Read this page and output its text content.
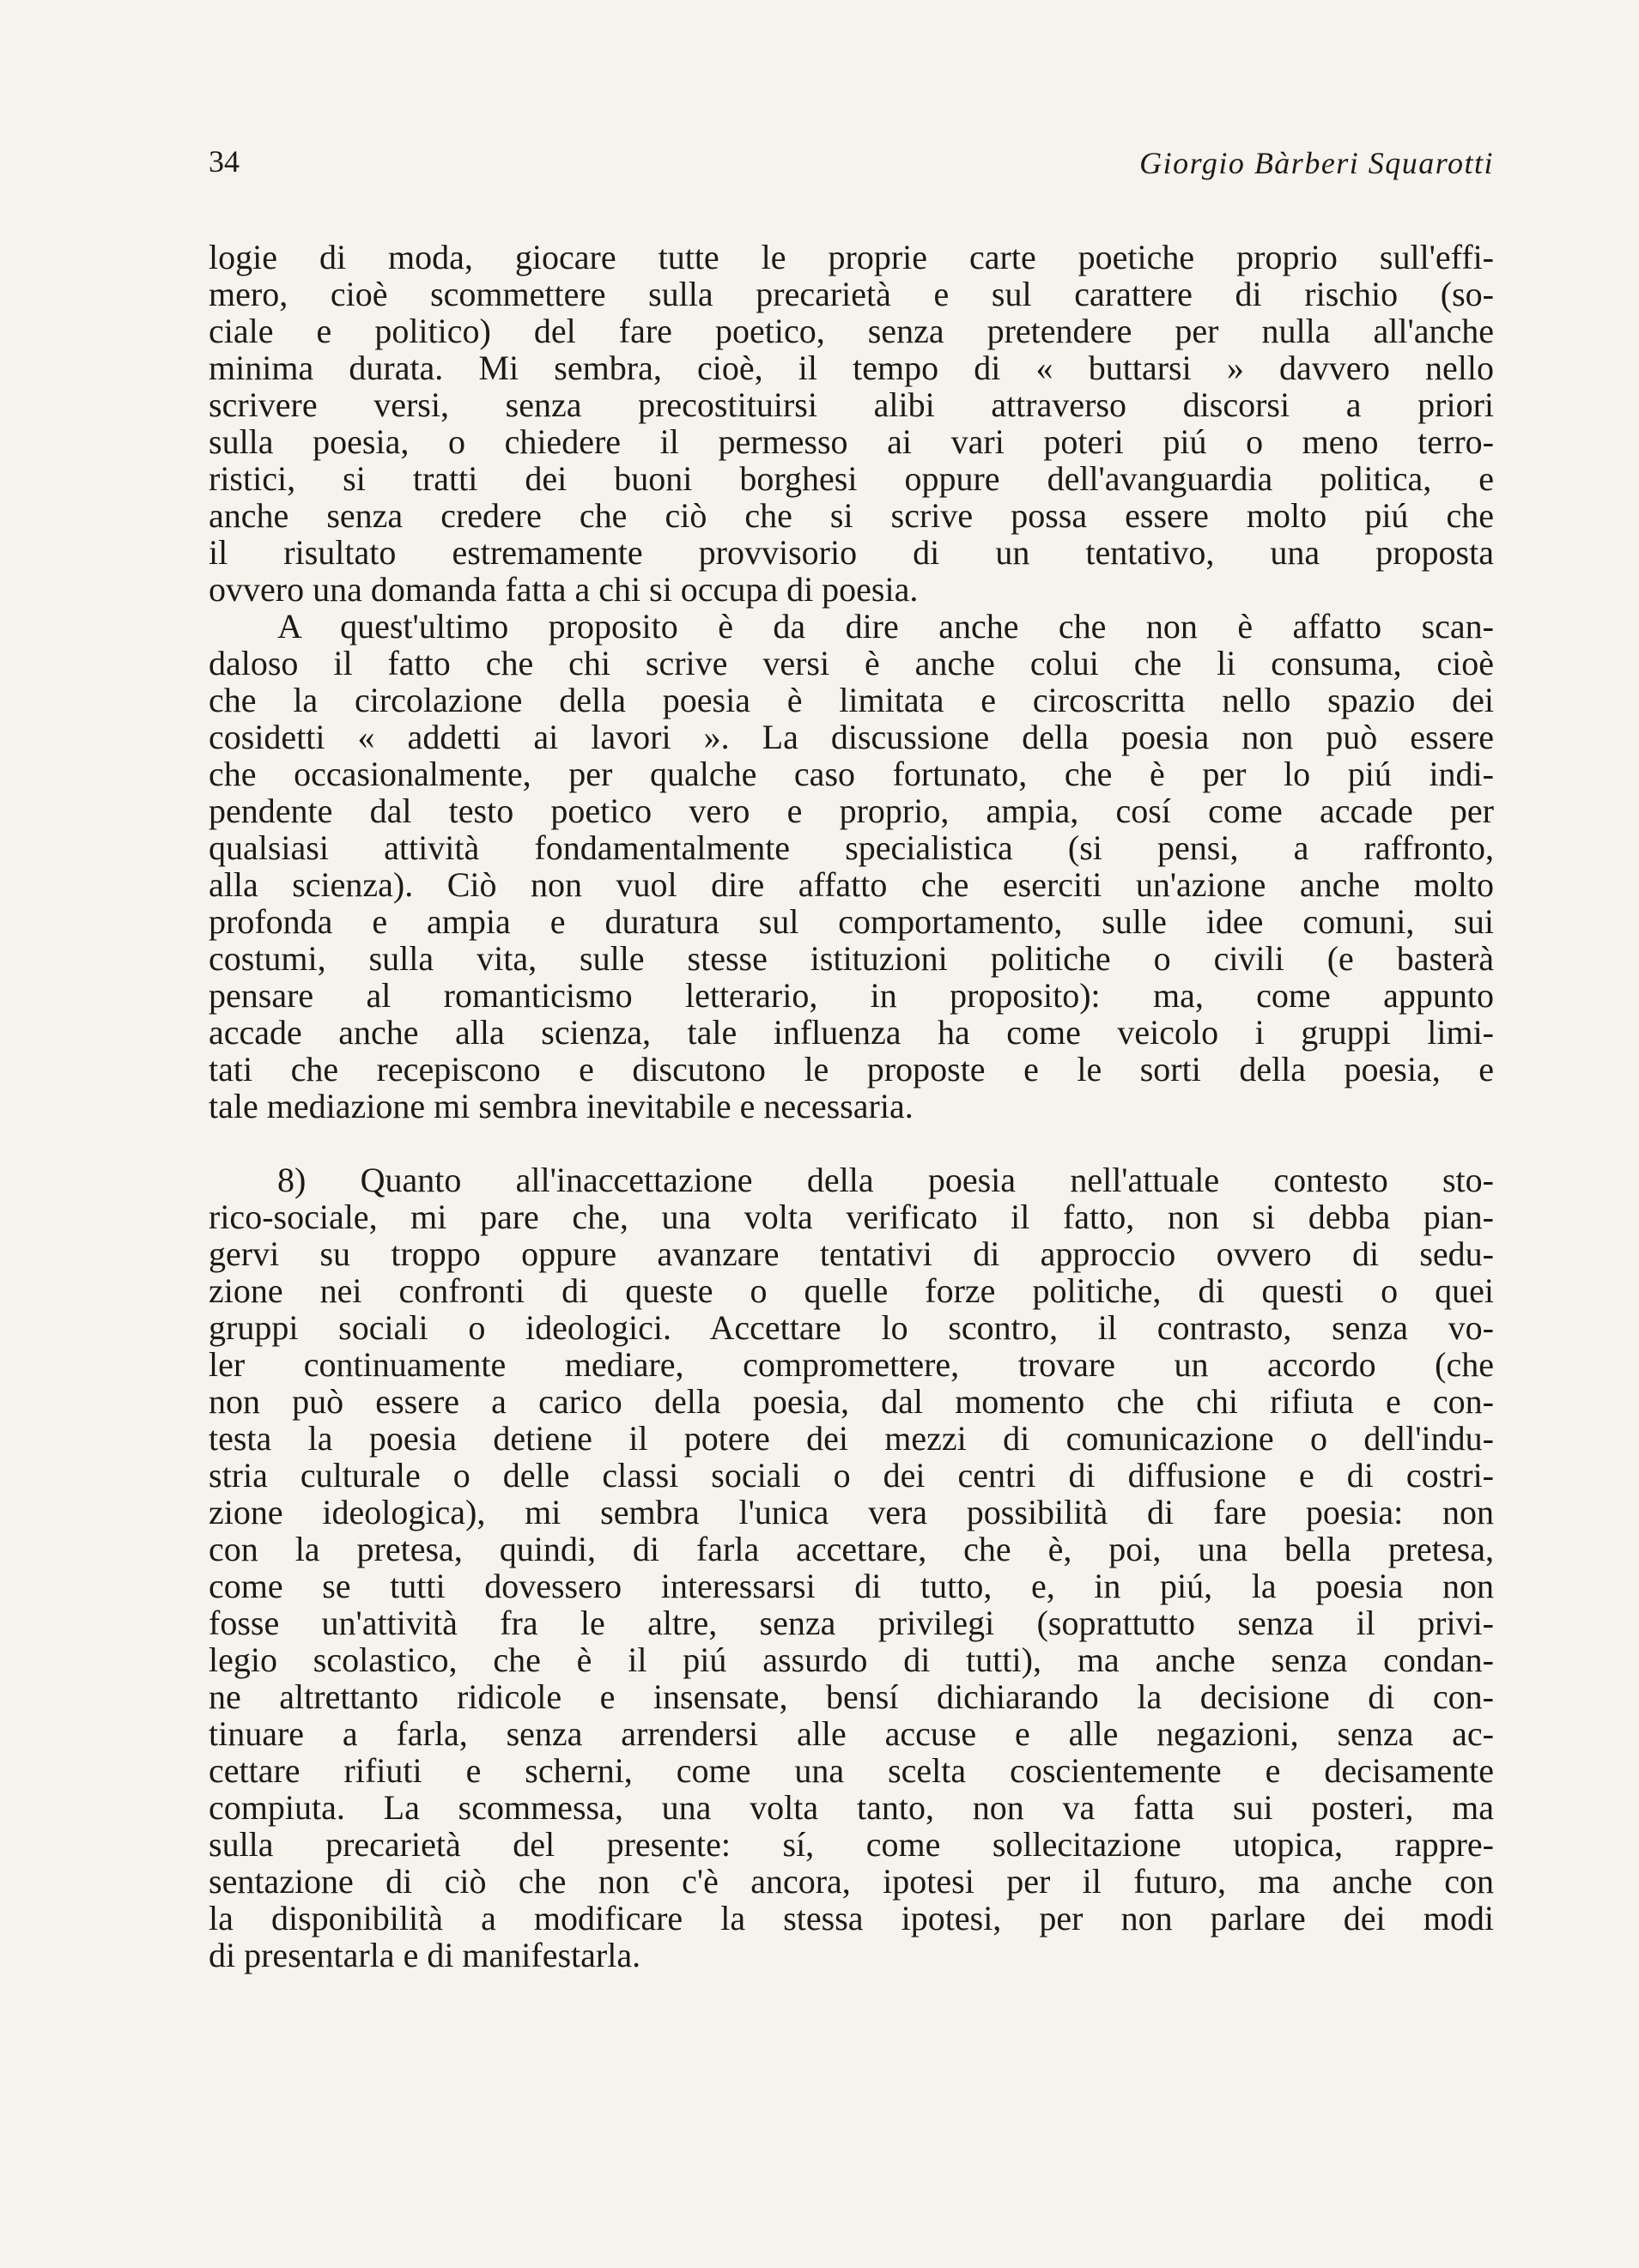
34	Giorgio Bàrberi Squarotti

logie di moda, giocare tutte le proprie carte poetiche proprio sull'effi-
mero, cioè scommettere sulla precarietà e sul carattere di rischio (so-
ciale e politico) del fare poetico, senza pretendere per nulla all'anche
minima durata. Mi sembra, cioè, il tempo di « buttarsi » davvero nello
scrivere versi, senza precostituirsi alibi attraverso discorsi a priori
sulla poesia, o chiedere il permesso ai vari poteri piú o meno terro-
ristici, si tratti dei buoni borghesi oppure dell'avanguardia politica, e
anche senza credere che ciò che si scrive possa essere molto piú che
il risultato estremamente provvisorio di un tentativo, una proposta
ovvero una domanda fatta a chi si occupa di poesia.

A quest'ultimo proposito è da dire anche che non è affatto scan-
daloso il fatto che chi scrive versi è anche colui che li consuma, cioè
che la circolazione della poesia è limitata e circoscritta nello spazio dei
cosidetti « addetti ai lavori ». La discussione della poesia non può essere
che occasionalmente, per qualche caso fortunato, che è per lo piú indi-
pendente dal testo poetico vero e proprio, ampia, cosí come accade per
qualsiasi attività fondamentalmente specialistica (si pensi, a raffronto,
alla scienza). Ciò non vuol dire affatto che eserciti un'azione anche molto
profonda e ampia e duratura sul comportamento, sulle idee comuni, sui
costumi, sulla vita, sulle stesse istituzioni politiche o civili (e basterà
pensare al romanticismo letterario, in proposito): ma, come appunto
accade anche alla scienza, tale influenza ha come veicolo i gruppi limi-
tati che recepiscono e discutono le proposte e le sorti della poesia, e
tale mediazione mi sembra inevitabile e necessaria.

8) Quanto all'inaccettazione della poesia nell'attuale contesto sto-
rico-sociale, mi pare che, una volta verificato il fatto, non si debba pian-
gervi su troppo oppure avanzare tentativi di approccio ovvero di sedu-
zione nei confronti di queste o quelle forze politiche, di questi o quei
gruppi sociali o ideologici. Accettare lo scontro, il contrasto, senza vo-
ler continuamente mediare, compromettere, trovare un accordo (che
non può essere a carico della poesia, dal momento che chi rifiuta e con-
testa la poesia detiene il potere dei mezzi di comunicazione o dell'indu-
stria culturale o delle classi sociali o dei centri di diffusione e di costri-
zione ideologica), mi sembra l'unica vera possibilità di fare poesia: non
con la pretesa, quindi, di farla accettare, che è, poi, una bella pretesa,
come se tutti dovessero interessarsi di tutto, e, in piú, la poesia non
fosse un'attività fra le altre, senza privilegi (soprattutto senza il privi-
legio scolastico, che è il piú assurdo di tutti), ma anche senza condan-
ne altrettanto ridicole e insensate, bensí dichiarando la decisione di con-
tinuare a farla, senza arrendersi alle accuse e alle negazioni, senza ac-
cettare rifiuti e scherni, come una scelta coscientemente e decisamente
compiuta. La scommessa, una volta tanto, non va fatta sui posteri, ma
sulla precarietà del presente: sí, come sollecitazione utopica, rappre-
sentazione di ciò che non c'è ancora, ipotesi per il futuro, ma anche con
la disponibilità a modificare la stessa ipotesi, per non parlare dei modi
di presentarla e di manifestarla.
